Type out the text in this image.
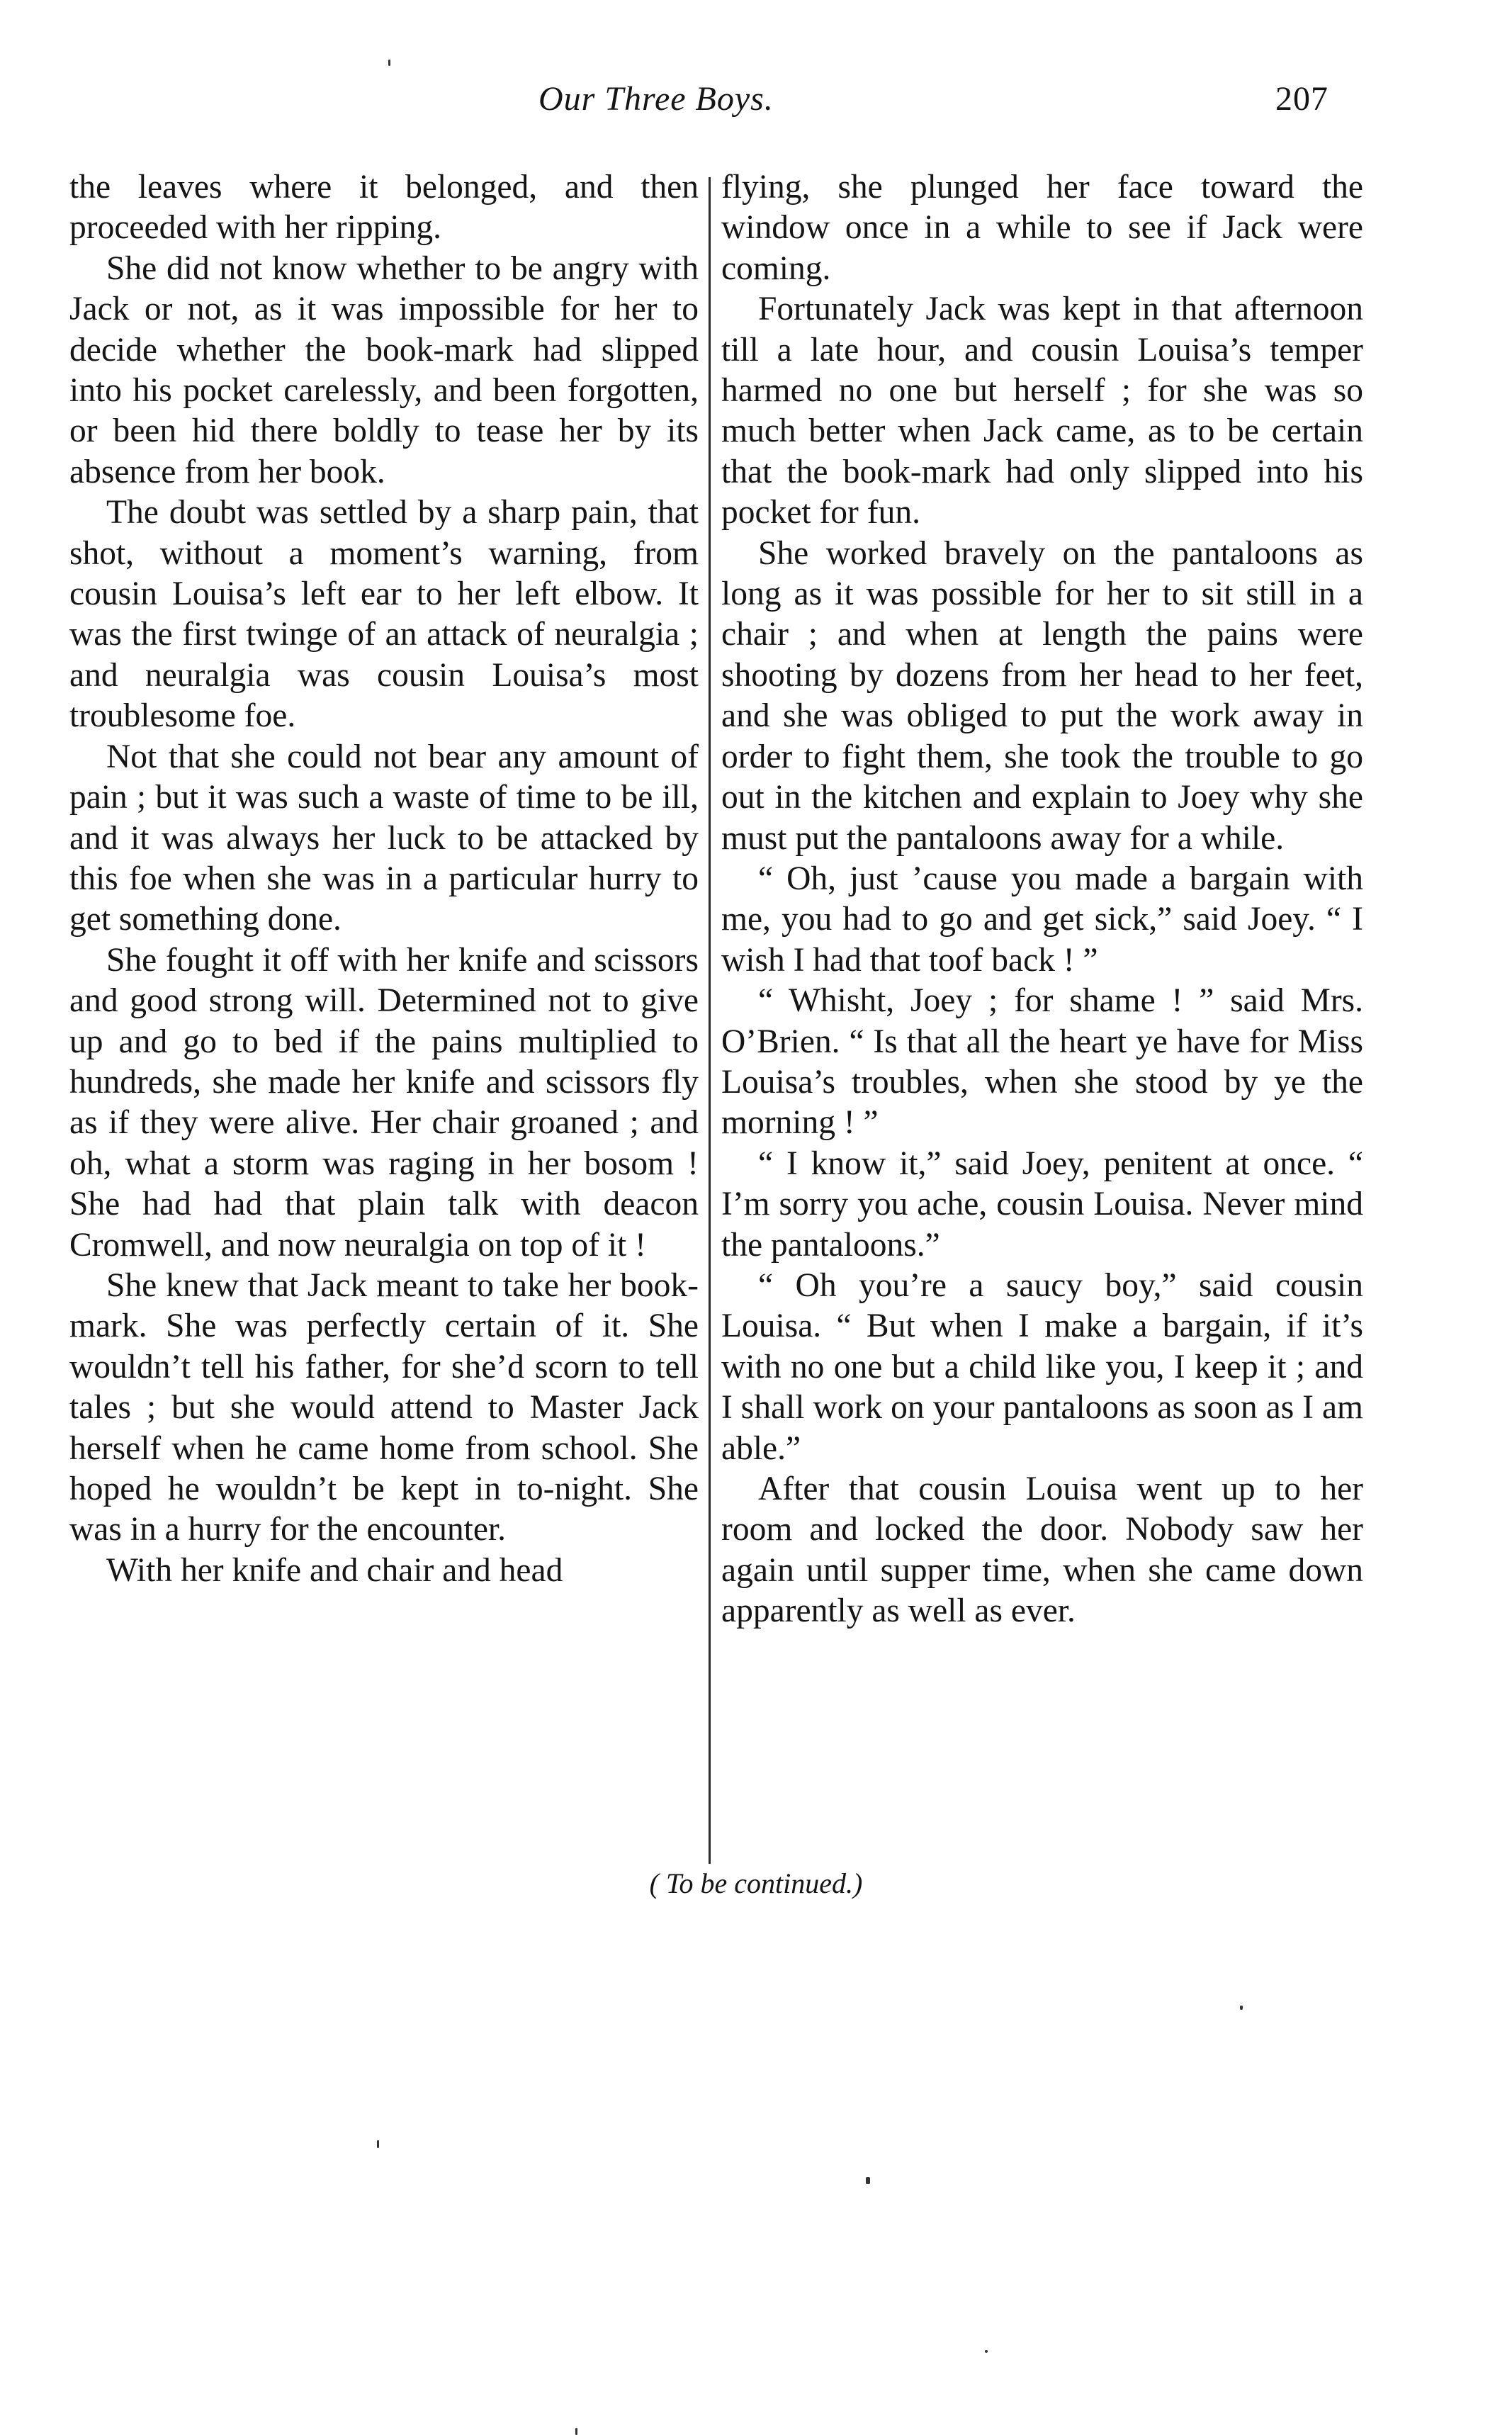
Our Three Boys.	207

the leaves where it belonged, and then proceeded with her ripping.

She did not know whether to be angry with Jack or not, as it was impossible for her to decide whether the book-mark had slipped into his pocket carelessly, and been forgotten, or been hid there boldly to tease her by its absence from her book.

The doubt was settled by a sharp pain, that shot, without a moment’s warning, from cousin Louisa’s left ear to her left elbow. It was the first twinge of an attack of neuralgia ; and neuralgia was cousin Louisa’s most troublesome foe.

Not that she could not bear any amount of pain ; but it was such a waste of time to be ill, and it was always her luck to be attacked by this foe when she was in a particular hurry to get something done.

She fought it off with her knife and scissors and good strong will. Determined not to give up and go to bed if the pains multiplied to hundreds, she made her knife and scissors fly as if they were alive. Her chair groaned ; and oh, what a storm was raging in her bosom ! She had had that plain talk with deacon Cromwell, and now neuralgia on top of it !

She knew that Jack meant to take her book-mark. She was perfectly certain of it. She wouldn’t tell his father, for she’d scorn to tell tales ; but she would attend to Master Jack herself when he came home from school. She hoped he wouldn’t be kept in to-night. She was in a hurry for the encounter.

With her knife and chair and head

flying, she plunged her face toward the window once in a while to see if Jack were coming.

Fortunately Jack was kept in that afternoon till a late hour, and cousin Louisa’s temper harmed no one but herself ; for she was so much better when Jack came, as to be certain that the book-mark had only slipped into his pocket for fun.

She worked bravely on the pantaloons as long as it was possible for her to sit still in a chair ; and when at length the pains were shooting by dozens from her head to her feet, and she was obliged to put the work away in order to fight them, she took the trouble to go out in the kitchen and explain to Joey why she must put the pantaloons away for a while.

“ Oh, just ’cause you made a bargain with me, you had to go and get sick,” said Joey. “ I wish I had that toof back ! ”

“ Whisht, Joey ; for shame ! ” said Mrs. O’Brien. “ Is that all the heart ye have for Miss Louisa’s troubles, when she stood by ye the morning ! ”

“ I know it,” said Joey, penitent at once. “ I’m sorry you ache, cousin Louisa. Never mind the pantaloons.”

“ Oh you’re a saucy boy,” said cousin Louisa. “ But when I make a bargain, if it’s with no one but a child like you, I keep it ; and I shall work on your pantaloons as soon as I am able.”

After that cousin Louisa went up to her room and locked the door. Nobody saw her again until supper time, when she came down apparently as well as ever.

( To be continued.)
